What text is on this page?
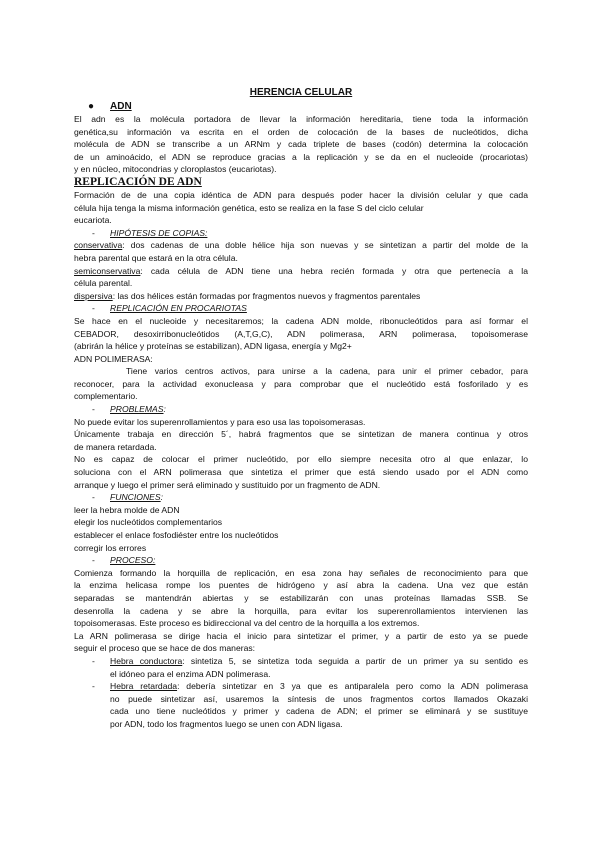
HERENCIA CELULAR
● ADN
El adn es la molécula portadora de llevar la información hereditaria, tiene toda la información
genética,su información va escrita en el orden de colocación de la bases de nucleótidos, dicha
molécula de ADN se transcribe a un ARNm y cada triplete de bases (codón) determina la colocación
de un aminoácido, el ADN se reproduce gracias a la replicación y se da en el nucleoide (procariotas)
y en núcleo, mitocondrias y cloroplastos (eucariotas).
REPLICACIÓN DE ADN
Formación de de una copia idéntica de ADN para después poder hacer la división celular y que cada
célula hija tenga la misma información genética, esto se realiza en la fase S del ciclo celular
eucariota.
- HIPÓTESIS DE COPIAS:
conservativa: dos cadenas de una doble hélice hija son nuevas y se sintetizan a partir del molde de la
hebra parental que estará en la otra célula.
semiconservativa: cada célula de ADN tiene una hebra recién formada y otra que pertenecía a la
célula parental.
dispersiva: las dos hélices están formadas por fragmentos nuevos y fragmentos parentales
- REPLICACIÓN EN PROCARIOTAS
Se hace en el nucleoide y necesitaremos; la cadena ADN molde, ribonucleótidos para así formar el
CEBADOR, desoxirribonucleótidos (A,T,G,C), ADN polimerasa, ARN polimerasa, topoisomerase
(abrirán la hélice y proteínas se estabilizan), ADN ligasa, energía y Mg2+
ADN POLIMERASA:
Tiene varios centros activos, para unirse a la cadena, para unir el primer cebador, para
reconocer, para la actividad exonucleasa y para comprobar que el nucleótido está fosforilado y es
complementario.
- PROBLEMAS:
No puede evitar los superenrollamientos y para eso usa las topoisomerasas.
Únicamente trabaja en dirección 5´, habrá fragmentos que se sintetizan de manera continua y otros
de manera retardada.
No es capaz de colocar el primer nucleótido, por ello siempre necesita otro al que enlazar, lo
soluciona con el ARN polimerasa que sintetiza el primer que está siendo usado por el ADN como
arranque y luego el primer será eliminado y sustituido por un fragmento de ADN.
- FUNCIONES:
leer la hebra molde de ADN
elegir los nucleótidos complementarios
establecer el enlace fosfodiéster entre los nucleótidos
corregir los errores
- PROCESO:
Comienza formando la horquilla de replicación, en esa zona hay señales de reconocimiento para que
la enzima helicasa rompe los puentes de hidrógeno y así abra la cadena. Una vez que están
separadas se mantendrán abiertas y se estabilizarán con unas proteínas llamadas SSB. Se
desenrolla la cadena y se abre la horquilla, para evitar los superenrollamientos intervienen las
topoisomerasas. Este proceso es bidireccional va del centro de la horquilla a los extremos.
La ARN polimerasa se dirige hacia el inicio para sintetizar el primer, y a partir de esto ya se puede
seguir el proceso que se hace de dos maneras:
- Hebra conductora: sintetiza 5, se sintetiza toda seguida a partir de un primer ya su sentido es
el idóneo para el enzima ADN polimerasa.
- Hebra retardada: debería sintetizar en 3 ya que es antiparalela pero como la ADN polimerasa
no puede sintetizar así, usaremos la síntesis de unos fragmentos cortos llamados Okazaki
cada uno tiene nucleótidos y primer y cadena de ADN; el primer se eliminará y se sustituye
por ADN, todo los fragmentos luego se unen con ADN ligasa.
